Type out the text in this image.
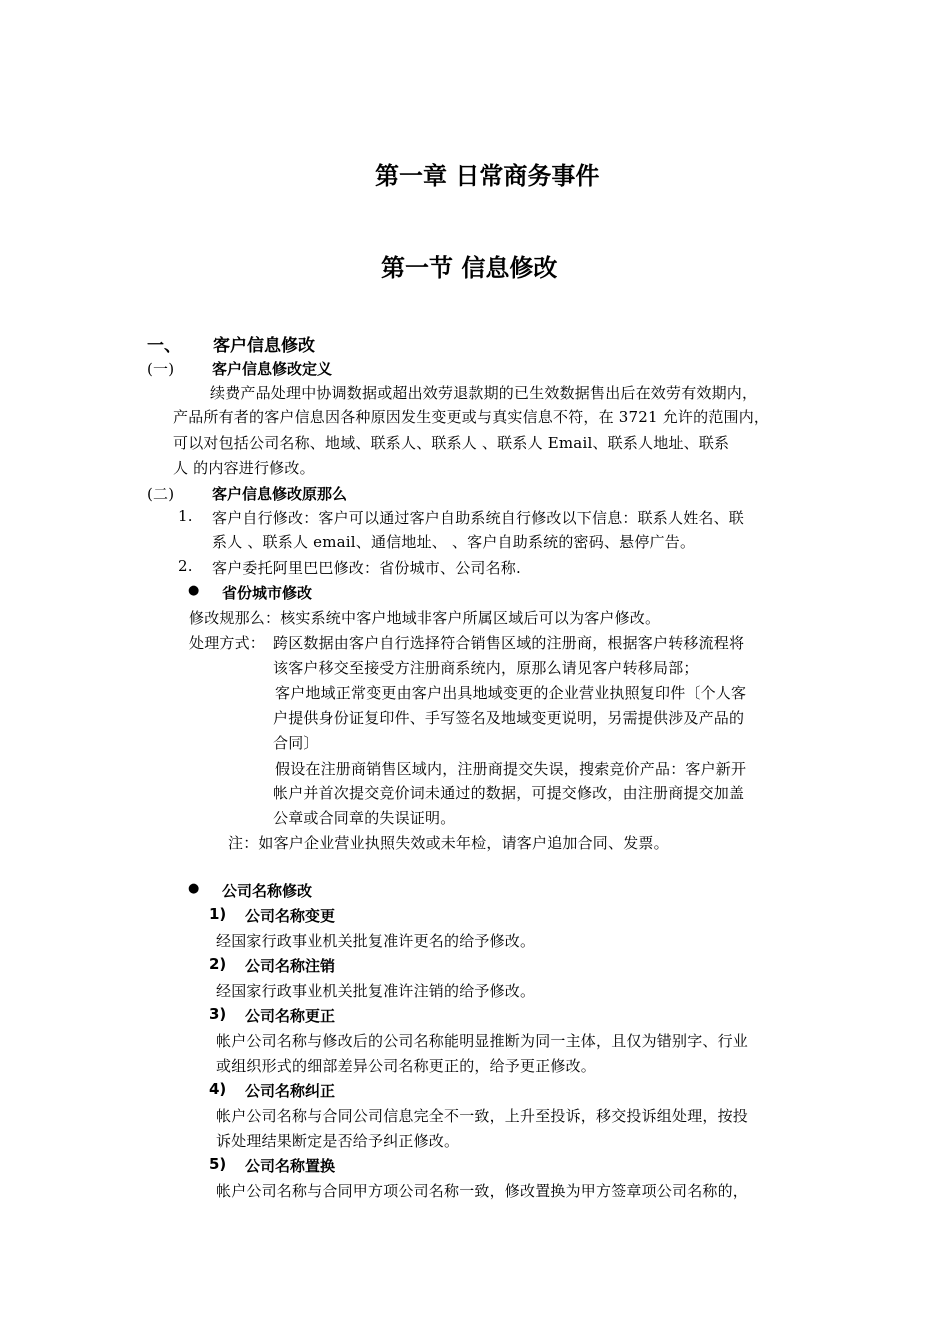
第一章 日常商务事件
第一节 信息修改
一、 客户信息修改
(一)	客户信息修改定义
续费产品处理中协调数据或超出效劳退款期的已生效数据售出后在效劳有效期内，
产品所有者的客户信息因各种原因发生变更或与真实信息不符，在 3721 允许的范围内，
可以对包括公司名称、地域、联系人、联系人 、联系人 Email、联系人地址、联系
人 的内容进行修改。
(二)	客户信息修改原那么
1. 客户自行修改：客户可以通过客户自助系统自行修改以下信息：联系人姓名、联
系人 、联系人 email、通信地址、 、客户自助系统的密码、悬停广告。
2. 客户委托阿里巴巴修改：省份城市、公司名称.
● 省份城市修改
修改规那么：核实系统中客户地域非客户所属区域后可以为客户修改。
处理方式： 跨区数据由客户自行选择符合销售区域的注册商，根据客户转移流程将
该客户移交至接受方注册商系统内，原那么请见客户转移局部；
客户地域正常变更由客户出具地域变更的企业营业执照复印件〔个人客
户提供身份证复印件、手写签名及地域变更说明，另需提供涉及产品的
合同〕
假设在注册商销售区域内，注册商提交失误，搜索竞价产品：客户新开
帐户并首次提交竞价词未通过的数据，可提交修改，由注册商提交加盖
公章或合同章的失误证明。
注：如客户企业营业执照失效或未年检，请客户追加合同、发票。
● 公司名称修改
1) 公司名称变更
经国家行政事业机关批复准许更名的给予修改。
2) 公司名称注销
经国家行政事业机关批复准许注销的给予修改。
3) 公司名称更正
帐户公司名称与修改后的公司名称能明显推断为同一主体，且仅为错别字、行业
或组织形式的细部差异公司名称更正的，给予更正修改。
4) 公司名称纠正
帐户公司名称与合同公司信息完全不一致，上升至投诉，移交投诉组处理，按投
诉处理结果断定是否给予纠正修改。
5) 公司名称置换
帐户公司名称与合同甲方项公司名称一致，修改置换为甲方签章项公司名称的，
